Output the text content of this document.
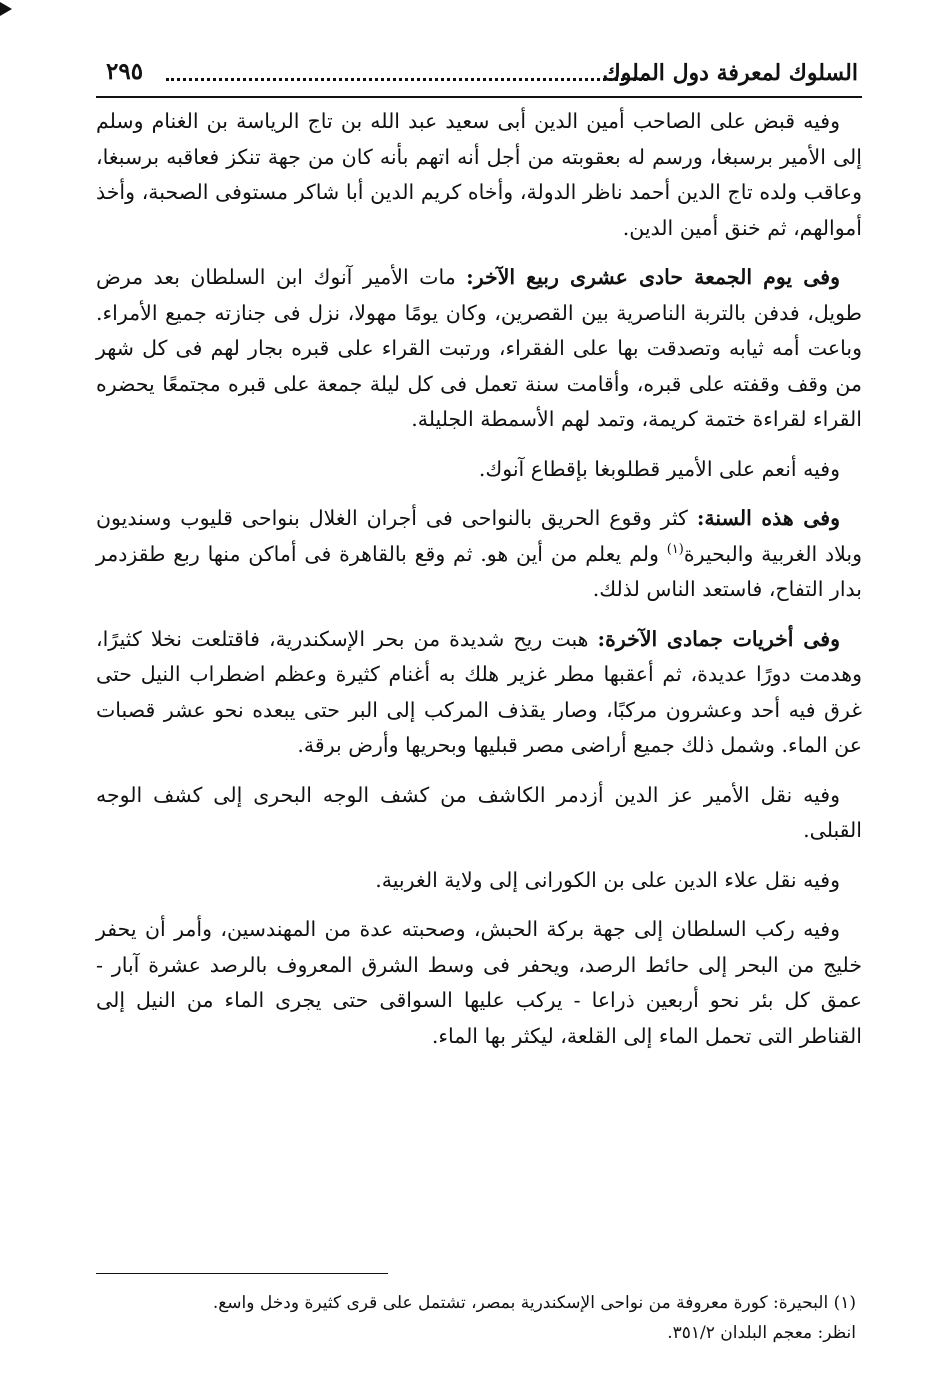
السلوك لمعرفة دول الملوك
٢٩٥

وفيه قبض على الصاحب أمين الدين أبى سعيد عبد الله بن تاج الرياسة بن الغنام وسلم إلى الأمير برسبغا، ورسم له بعقوبته من أجل أنه اتهم بأنه كان من جهة تنكز فعاقبه برسبغا، وعاقب ولده تاج الدين أحمد ناظر الدولة، وأخاه كريم الدين أبا شاكر مستوفى الصحبة، وأخذ أموالهم، ثم خنق أمين الدين.

وفى يوم الجمعة حادى عشرى ربيع الآخر: مات الأمير آنوك ابن السلطان بعد مرض طويل، فدفن بالتربة الناصرية بين القصرين، وكان يومًا مهولا، نزل فى جنازته جميع الأمراء. وباعت أمه ثيابه وتصدقت بها على الفقراء، ورتبت القراء على قبره بجار لهم فى كل شهر من وقف وقفته على قبره، وأقامت سنة تعمل فى كل ليلة جمعة على قبره مجتمعًا يحضره القراء لقراءة ختمة كريمة، وتمد لهم الأسمطة الجليلة.

وفيه أنعم على الأمير قطلوبغا بإقطاع آنوك.

وفى هذه السنة: كثر وقوع الحريق بالنواحى فى أجران الغلال بنواحى قليوب وسنديون وبلاد الغربية والبحيرة$^{(١)}$ ولم يعلم من أين هو. ثم وقع بالقاهرة فى أماكن منها ربع طقزدمر بدار التفاح، فاستعد الناس لذلك.

وفى أخريات جمادى الآخرة: هبت ريح شديدة من بحر الإسكندرية، فاقتلعت نخلا كثيرًا، وهدمت دورًا عديدة، ثم أعقبها مطر غزير هلك به أغنام كثيرة وعظم اضطراب النيل حتى غرق فيه أحد وعشرون مركبًا، وصار يقذف المركب إلى البر حتى يبعده نحو عشر قصبات عن الماء. وشمل ذلك جميع أراضى مصر قبليها وبحريها وأرض برقة.

وفيه نقل الأمير عز الدين أزدمر الكاشف من كشف الوجه البحرى إلى كشف الوجه القبلى.

وفيه نقل علاء الدين على بن الكورانى إلى ولاية الغربية.

وفيه ركب السلطان إلى جهة بركة الحبش، وصحبته عدة من المهندسين، وأمر أن يحفر خليج من البحر إلى حائط الرصد، ويحفر فى وسط الشرق المعروف بالرصد عشرة آبار - عمق كل بئر نحو أربعين ذراعا - يركب عليها السواقى حتى يجرى الماء من النيل إلى القناطر التى تحمل الماء إلى القلعة، ليكثر بها الماء.

(١) البحيرة: كورة معروفة من نواحى الإسكندرية بمصر، تشتمل على قرى كثيرة ودخل واسع.

انظر: معجم البلدان ٣٥١/٢.
